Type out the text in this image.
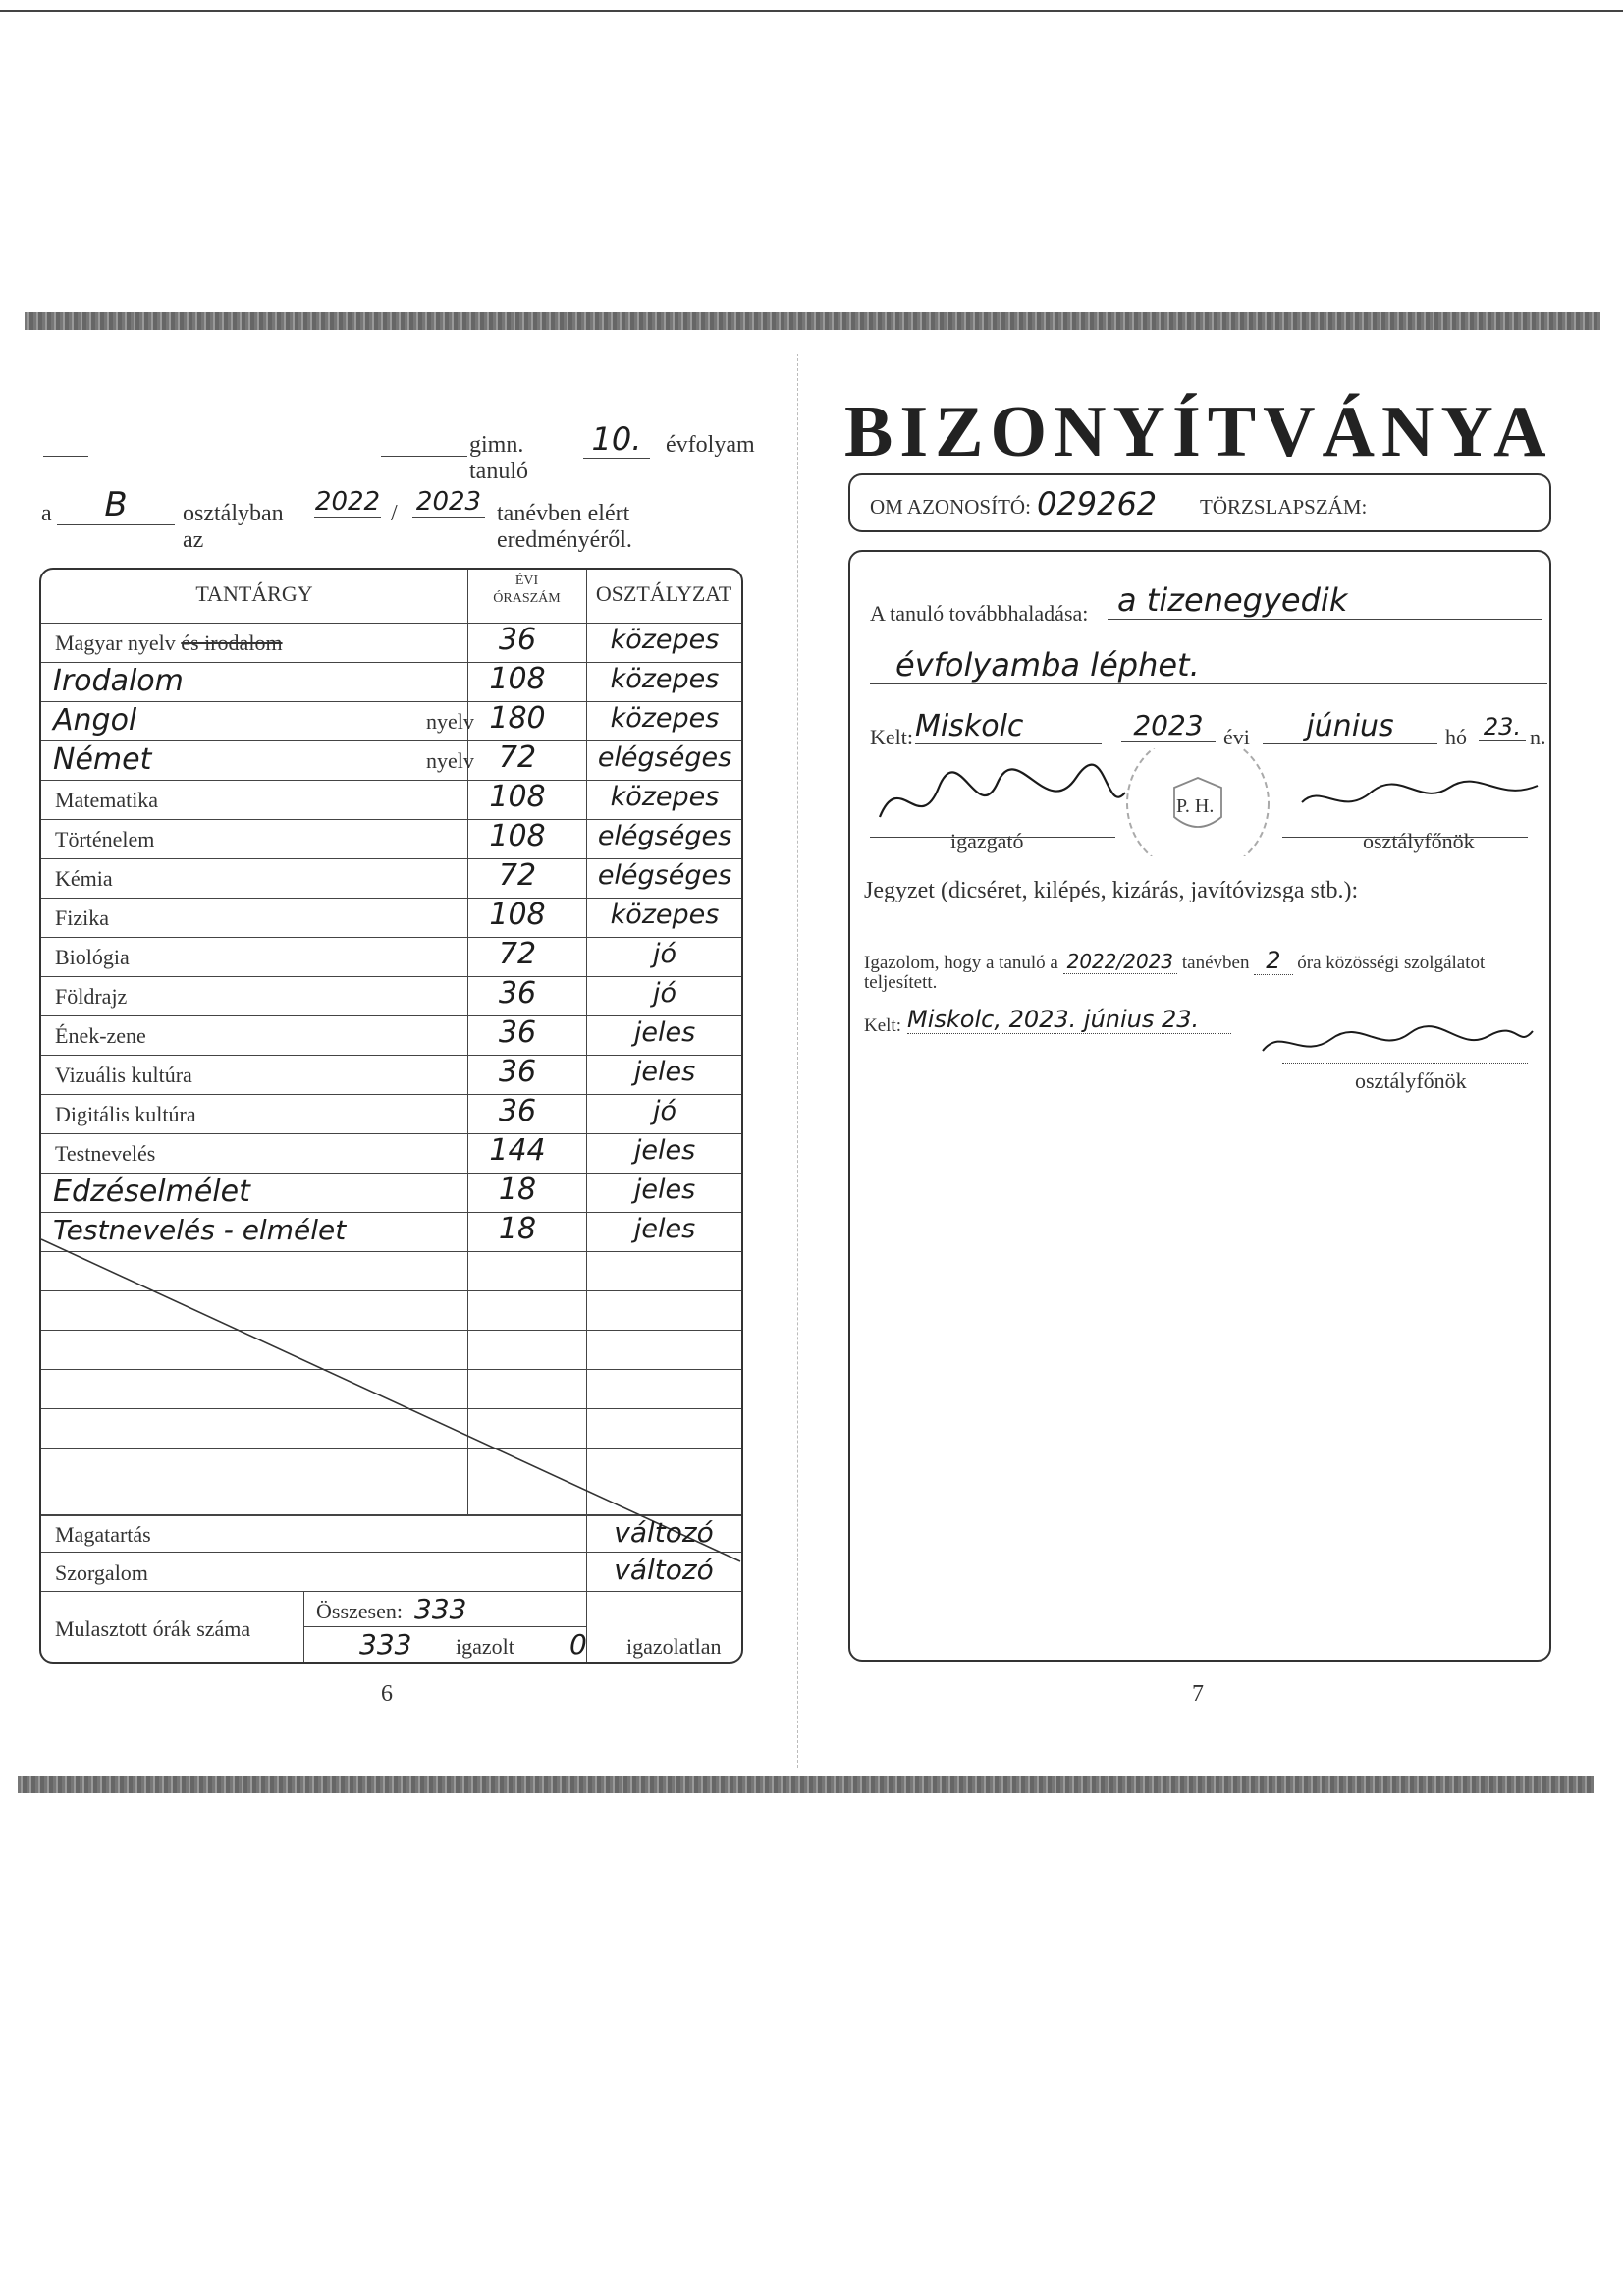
gimn. tanuló
10.	évfolyam
a	B	osztályban az
2022 / 2023 tanévben elért eredményéről.
TANTÁRGY
ÉVI
ÓRASZÁM	OSZTÁLYZAT
Magyar nyelv és irodalom	36	közepes
Irodalom	108	közepes
Angol	nyelv 180	közepes
Német	nyelv 72	elégséges
Matematika	108	közepes
Történelem	108	elégséges
Kémia	72	elégséges
Fizika	108	közepes
Biológia	72	jó
Földrajz	36	jó
Ének-zene	36	jeles
Vizuális kultúra	36	jeles
Digitális kultúra	36	jó
Testnevelés	144	jeles
Edzéselmélet	18	jeles
Testnevelés - elmélet	18	jeles
Magatartás	változó
Szorgalom	változó
Mulasztott órák száma
Összesen: 333
333 igazolt 0 igazolatlan
6
BIZONYÍTVÁNYA
OM AZONOSÍTÓ: 029262 TÖRZSLAPSZÁM:
A tanuló továbbhaladása: a tizenegyedik
évfolyamba léphet.
Kelt: Miskolc	2023 évi	június	hó 23. n.
P. H.
igazgató	osztályfőnök
Jegyzet (dicséret, kilépés, kizárás, javítóvizsga stb.):
Igazolom, hogy a tanuló a 2022/2023 tanévben 2 óra közösségi szolgálatot
teljesített.
Kelt: Miskolc, 2023. június 23.
osztályfőnök
7
